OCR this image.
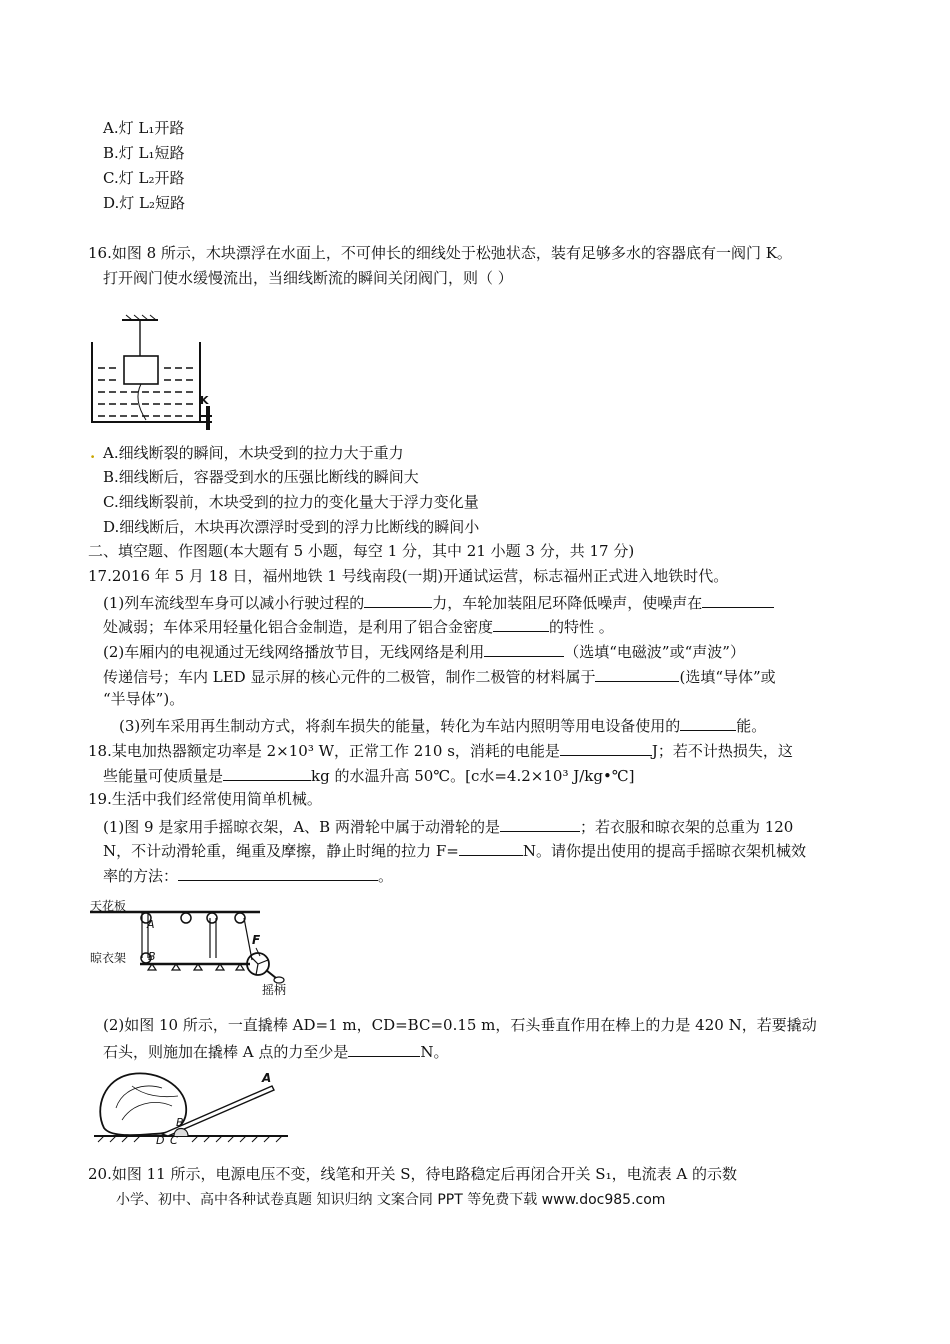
A.灯 L₁开路
B.灯 L₁短路
C.灯 L₂开路
D.灯 L₂短路
16.如图 8 所示，木块漂浮在水面上，不可伸长的细线处于松弛状态，装有足够多水的容器底有一阀门 K。
打开阀门使水缓慢流出，当细线断流的瞬间关闭阀门，则（ ）
K
. A.细线断裂的瞬间，木块受到的拉力大于重力
B.细线断后，容器受到水的压强比断线的瞬间大
C.细线断裂前，木块受到的拉力的变化量大于浮力变化量
D.细线断后，木块再次漂浮时受到的浮力比断线的瞬间小
二、填空题、作图题(本大题有 5 小题，每空 1 分，其中 21 小题 3 分，共 17 分)
17.2016 年 5 月 18 日，福州地铁 1 号线南段(一期)开通试运营，标志福州正式进入地铁时代。
(1)列车流线型车身可以减小行驶过程的	力，车轮加装阻尼环降低噪声，使噪声在
处减弱；车体采用轻量化铝合金制造，是利用了铝合金密度	的特性 。
(2)车厢内的电视通过无线网络播放节目，无线网络是利用	（选填“电磁波”或“声波”）
传递信号；车内 LED 显示屏的核心元件的二极管，制作二极管的材料属于	(选填“导体”或
“半导体”)。
(3)列车采用再生制动方式，将刹车损失的能量，转化为车站内照明等用电设备使用的	能。
18.某电加热器额定功率是 2×10³ W，正常工作 210 s，消耗的电能是	J；若不计热损失，这
些能量可使质量是	kg 的水温升高 50℃。[c水=4.2×10³ J/kg•℃]
19.生活中我们经常使用简单机械。
(1)图 9 是家用手摇晾衣架，A、B 两滑轮中属于动滑轮的是	；若衣服和晾衣架的总重为 120
N，不计动滑轮重，绳重及摩擦，静止时绳的拉力 F=	N。请你提出使用的提高手摇晾衣架机械效
率的方法：	。
天花板
A
晾衣架 B
F
摇柄
(2)如图 10 所示，一直撬棒 AD=1 m，CD=BC=0.15 m，石头垂直作用在棒上的力是 420 N，若要撬动
石头，则施加在撬棒 A 点的力至少是	N。
A
B
C
D
20.如图 11 所示，电源电压不变，线笔和开关 S，待电路稳定后再闭合开关 S₁，电流表 A 的示数
小学、初中、高中各种试卷真题 知识归纳 文案合同 PPT 等免费下载 www.doc985.com
